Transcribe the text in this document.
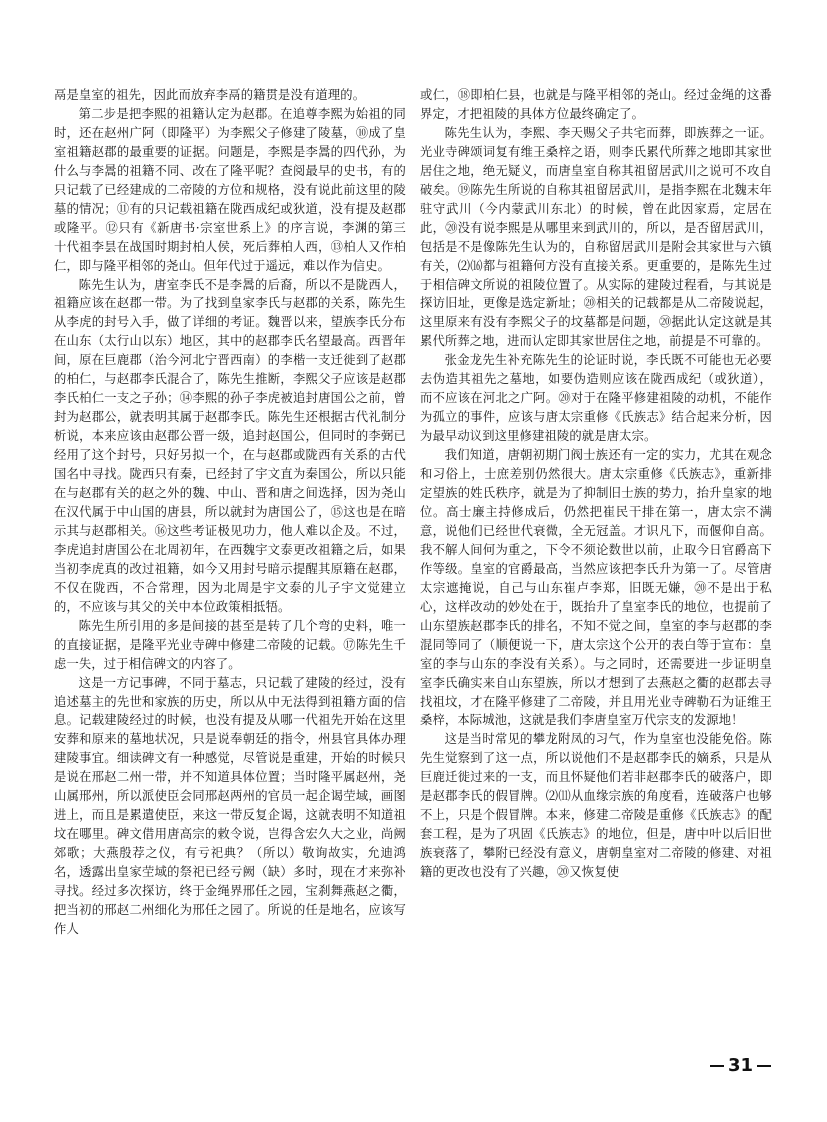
鬲是皇室的祖先，因此而放弃李鬲的籍贯是没有道理的。

第二步是把李熙的祖籍认定为赵郡。在追尊李熙为始祖的同时，还在赵州广阿（即隆平）为李熙父子修建了陵墓，⑩成了皇室祖籍赵郡的最重要的证据。问题是，李熙是李暠的四代孙，为什么与李暠的祖籍不同、改在了隆平呢？查阅最早的史书，有的只记载了已经建成的二帝陵的方位和规格，没有说此前这里的陵墓的情况；⑪有的只记载祖籍在陇西成纪或狄道，没有提及赵郡或隆平。⑫只有《新唐书·宗室世系上》的序言说，李渊的第三十代祖李昙在战国时期封柏人侯，死后葬柏人西，⑬柏人又作柏仁，即与隆平相邻的尧山。但年代过于遥远，难以作为信史。

陈先生认为，唐室李氏不是李暠的后裔，所以不是陇西人，祖籍应该在赵郡一带。为了找到皇家李氏与赵郡的关系，陈先生从李虎的封号入手，做了详细的考证。魏晋以来，望族李氏分布在山东（太行山以东）地区，其中的赵郡李氏名望最高。西晋年间，原在巨鹿郡（治今河北宁晋西南）的李楷一支迁徙到了赵郡的柏仁，与赵郡李氏混合了，陈先生推断，李熙父子应该是赵郡李氏柏仁一支之子孙；⑭李熙的孙子李虎被追封唐国公之前，曾封为赵郡公，就表明其属于赵郡李氏。陈先生还根据古代礼制分析说，本来应该由赵郡公晋一级，追封赵国公，但同时的李弼已经用了这个封号，只好另拟一个，在与赵郡或陇西有关系的古代国名中寻找。陇西只有秦，已经封了宇文直为秦国公，所以只能在与赵郡有关的赵之外的魏、中山、晋和唐之间选择，因为尧山在汉代属于中山国的唐县，所以就封为唐国公了，⑮这也是在暗示其与赵郡相关。⑯这些考证极见功力，他人难以企及。不过，李虎追封唐国公在北周初年，在西魏宇文泰更改祖籍之后，如果当初李虎真的改过祖籍，如今又用封号暗示提醒其原籍在赵郡，不仅在陇西，不合常理，因为北周是宇文泰的儿子宇文觉建立的，不应该与其父的关中本位政策相抵牾。

陈先生所引用的多是间接的甚至是转了几个弯的史料，唯一的直接证据，是隆平光业寺碑中修建二帝陵的记载。⑰陈先生千虑一失，过于相信碑文的内容了。

这是一方记事碑，不同于墓志，只记载了建陵的经过，没有追述墓主的先世和家族的历史，所以从中无法得到祖籍方面的信息。记载建陵经过的时候，也没有提及从哪一代祖先开始在这里安葬和原来的墓地状况，只是说奉朝廷的指令，州县官具体办理建陵事宜。细读碑文有一种感觉，尽管说是重建，开始的时候只是说在邢赵二州一带，并不知道具体位置；当时隆平属赵州，尧山属邢州，所以派使臣会同邢赵两州的官员一起企谒茔域，画图进上，而且是累遣使臣，来这一带反复企谒，这就表明不知道祖坟在哪里。碑文借用唐高宗的敕令说，岂得含宏久大之业，尚阙郊歌；大燕殷荐之仪，有亏祀典？（所以）敬询故实，允迪鸿名，透露出皇家茔域的祭祀已经亏阙（缺）多时，现在才来弥补寻找。经过多次探访，终于金绳界邢任之园，宝刹舞燕赵之衢，把当初的邢赵二州细化为邢任之园了。所说的任是地名，应该写作人

或仁，⑱即柏仁县，也就是与隆平相邻的尧山。经过金绳的这番界定，才把祖陵的具体方位最终确定了。

陈先生认为，李熙、李天赐父子共宅而葬，即族葬之一证。光业寺碑颂词复有维王桑梓之语，则李氏累代所葬之地即其家世居住之地，绝无疑义，而唐皇室自称其祖留居武川之说可不攻自破矣。⑲陈先生所说的自称其祖留居武川，是指李熙在北魏末年驻守武川（今内蒙武川东北）的时候，曾在此因家焉，定居在此，⑳没有说李熙是从哪里来到武川的，所以，是否留居武川，包括是不是像陈先生认为的，自称留居武川是附会其家世与六镇有关，⑵⒃都与祖籍何方没有直接关系。更重要的，是陈先生过于相信碑文所说的祖陵位置了。从实际的建陵过程看，与其说是探访旧址，更像是选定新址；⑳相关的记载都是从二帝陵说起，这里原来有没有李熙父子的坟墓都是问题，⑳据此认定这就是其累代所葬之地，进而认定即其家世居住之地，前提是不可靠的。

张金龙先生补充陈先生的论证时说，李氏既不可能也无必要去伪造其祖先之墓地，如要伪造则应该在陇西成纪（或狄道），而不应该在河北之广阿。⑳对于在隆平修建祖陵的动机，不能作为孤立的事件，应该与唐太宗重修《氏族志》结合起来分析，因为最早动议到这里修建祖陵的就是唐太宗。

我们知道，唐朝初期门阀士族还有一定的实力，尤其在观念和习俗上，士庶差别仍然很大。唐太宗重修《氏族志》，重新排定望族的姓氏秩序，就是为了抑制旧士族的势力，抬升皇家的地位。高士廉主持修成后，仍然把崔民干排在第一，唐太宗不满意，说他们已经世代衰微，全无冠盖。才识凡下，而偃仰自高。我不解人间何为重之，下令不须论数世以前，止取今日官爵高下作等级。皇室的官爵最高，当然应该把李氏升为第一了。尽管唐太宗遮掩说，自己与山东崔卢李郑，旧既无嫌，⑳不是出于私心，这样改动的妙处在于，既抬升了皇室李氏的地位，也提前了山东望族赵郡李氏的排名，不知不觉之间，皇室的李与赵郡的李混同等同了（顺便说一下，唐太宗这个公开的表白等于宣布：皇室的李与山东的李没有关系）。与之同时，还需要进一步证明皇室李氏确实来自山东望族，所以才想到了去燕赵之衢的赵郡去寻找祖坟，才在隆平修建了二帝陵，并且用光业寺碑勒石为证维王桑梓，本际城池，这就是我们李唐皇室万代宗支的发源地！

这是当时常见的攀龙附凤的习气，作为皇室也没能免俗。陈先生觉察到了这一点，所以说他们不是赵郡李氏的嫡系，只是从巨鹿迁徙过来的一支，而且怀疑他们若非赵郡李氏的破落户，即是赵郡李氏的假冒牌。⑵⑾从血缘宗族的角度看，连破落户也够不上，只是个假冒牌。本来，修建二帝陵是重修《氏族志》的配套工程，是为了巩固《氏族志》的地位，但是，唐中叶以后旧世族衰落了，攀附已经没有意义，唐朝皇室对二帝陵的修建、对祖籍的更改也没有了兴趣，⑳又恢复使

31
